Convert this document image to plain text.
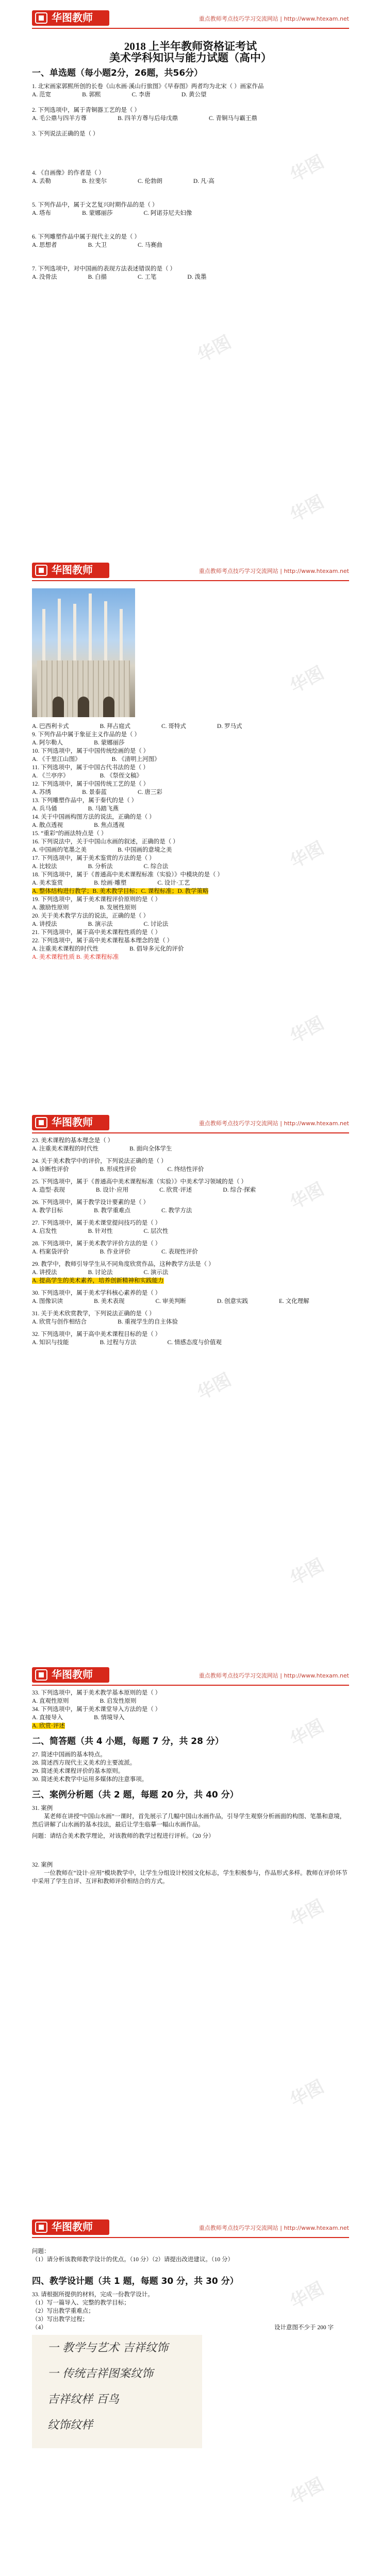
华图教师	重点教师考点技巧学习交流网站 | http://www.htexam.net
华图
华图
华图
2018 上半年教师资格证考试
美术学科知识与能力试题（高中）
一、单选题（每小题2分，26题，共56分）
1. 北宋画家郭熙所创的长卷《山水画·溪山行旅图》《早春图》两者均为北宋（ ）画家作品
A. 范宽	B. 郭熙	C. 李唐	D. 黄公望
2. 下列选项中，属于青铜器工艺的是（ ）
A. 毛公鼎与四羊方尊	B. 四羊方尊与后母戊鼎	C. 青铜马与霸王鼎
3. 下列说法正确的是（ ）
4. 《自画像》的作者是（ ）
A. 丢勒	B. 拉斐尔	C. 伦勃朗	D. 凡·高
5. 下列作品中，属于文艺复兴时期作品的是（ ）
A. 塔布	B. 蒙娜丽莎	C. 阿诺芬尼夫妇像
6. 下列雕塑作品中属于现代主义的是（ ）
A. 思想者	B. 大卫	C. 马赛曲
7. 下列选项中，对中国画的表现方法表述错误的是（ ）
A. 没骨法	B. 白描	C. 工笔	D. 泼墨
华图教师	重点教师考点技巧学习交流网站 | http://www.htexam.net
华图
华图
华图
A. 巴西利卡式	B. 拜占庭式	C. 哥特式	D. 罗马式
9. 下列作品中属于象征主义作品的是（ ）
A. 阿尔勒人	B. 蒙娜丽莎
10. 下列选项中，属于中国传统绘画的是（ ）
A. 《千里江山图》	B. 《清明上河图》
11. 下列选项中，属于中国古代书法的是（ ）
A. 《兰亭序》	B. 《祭侄文稿》
12. 下列选项中，属于中国传统工艺的是（ ）
A. 苏绣	B. 景泰蓝	C. 唐三彩
13. 下列雕塑作品中，属于秦代的是（ ）
A. 兵马俑	B. 马踏飞燕
14. 关于中国画构图方法的说法，正确的是（ ）
A. 散点透视	B. 焦点透视
15. “重彩”的画法特点是（ ）
16. 下列说法中，关于中国山水画的叙述，正确的是（ ）
A. 中国画的笔墨之美	B. 中国画的意境之美
17. 下列选项中，属于美术鉴赏的方法的是（ ）
A. 比较法	B. 分析法	C. 综合法
18. 下列选项中，属于《普通高中美术课程标准（实验）》中模块的是（ ）
A. 美术鉴赏	B. 绘画·雕塑	C. 设计·工艺
A. 整体结构进行教学；B. 美术教学目标；C. 课程标准；D. 教学策略
19. 下列选项中，属于美术课程评价原则的是（ ）
A. 激励性原则	B. 发展性原则
20. 关于美术教学方法的说法，正确的是（ ）
A. 讲授法	B. 演示法	C. 讨论法
21. 下列选项中，属于高中美术课程性质的是（ ）
22. 下列选项中，属于高中美术课程基本理念的是（ ）
A. 注重美术课程的时代性	B. 倡导多元化的评价
A. 美术课程性质 B. 美术课程标准
华图教师	重点教师考点技巧学习交流网站 | http://www.htexam.net
华图
华图
华图
23. 美术课程的基本理念是（ ）
A. 注重美术课程的时代性	B. 面向全体学生
24. 关于美术教学中的评价，下列说法正确的是（ ）
A. 诊断性评价	B. 形成性评价	C. 终结性评价
25. 下列选项中，属于《普通高中美术课程标准（实验）》中美术学习领域的是（ ）
A. 造型·表现	B. 设计·应用	C. 欣赏·评述	D. 综合·探索
26. 下列选项中，属于教学设计要素的是（ ）
A. 教学目标	B. 教学重难点	C. 教学方法
27. 下列选项中，属于美术课堂提问技巧的是（ ）
A. 启发性	B. 针对性	C. 层次性
28. 下列选项中，属于美术教学评价方法的是（ ）
A. 档案袋评价	B. 作业评价	C. 表现性评价
29. 教学中，教师引导学生从不同角度欣赏作品，这种教学方法是（ ）
A. 讲授法	B. 讨论法	C. 演示法
A. 提高学生的美术素养，培养创新精神和实践能力
30. 下列选项中，属于美术学科核心素养的是（ ）
A. 图像识读	B. 美术表现	C. 审美判断	D. 创意实践	E. 文化理解
31. 关于美术欣赏教学，下列说法正确的是（ ）
A. 欣赏与创作相结合	B. 重视学生的自主体验
32. 下列选项中，属于高中美术课程目标的是（ ）
A. 知识与技能	B. 过程与方法	C. 情感态度与价值观
华图教师	重点教师考点技巧学习交流网站 | http://www.htexam.net
华图
华图
华图
33. 下列选项中，属于美术教学基本原则的是（ ）
A. 直观性原则	B. 启发性原则
34. 下列选项中，属于美术课堂导入方法的是（ ）
A. 直接导入	B. 情境导入
A. 欣赏·评述
二、简答题（共 4 小题，每题 7 分，共 28 分）
27. 简述中国画的基本特点。
28. 简述西方现代主义美术的主要流派。
29. 简述美术课程评价的基本原则。
30. 简述美术教学中运用多媒体的注意事项。
三、案例分析题（共 2 题，每题 20 分，共 40 分）
31. 案例
某老师在讲授“中国山水画”一课时，首先展示了几幅中国山水画作品，引导学生观察分析画面的构图、笔墨和意境，然后讲解了山水画的基本技法，最后让学生临摹一幅山水画作品。
问题：请结合美术教学理论，对该教师的教学过程进行评析。（20 分）
32. 案例
一位教师在“设计·应用”模块教学中，让学生分组设计校园文化标志，学生积极参与，作品形式多样。教师在评价环节中采用了学生自评、互评和教师评价相结合的方式。
华图教师	重点教师考点技巧学习交流网站 | http://www.htexam.net
华图
华图
问题：
（1）请分析该教师教学设计的优点。（10 分）（2）请提出改进建议。（10 分）
四、教学设计题（共 1 题，每题 30 分，共 30 分）
33. 请根据所提供的材料，完成一份教学设计。
（1）写一篇导入、完整的教学目标；
（2）写出教学重难点；
（3）写出教学过程；
（4）	设计意图不少于 200 字
一 教学与艺术 吉祥纹饰
一 传统吉祥图案纹饰
吉祥纹样 百鸟
纹饰纹样
